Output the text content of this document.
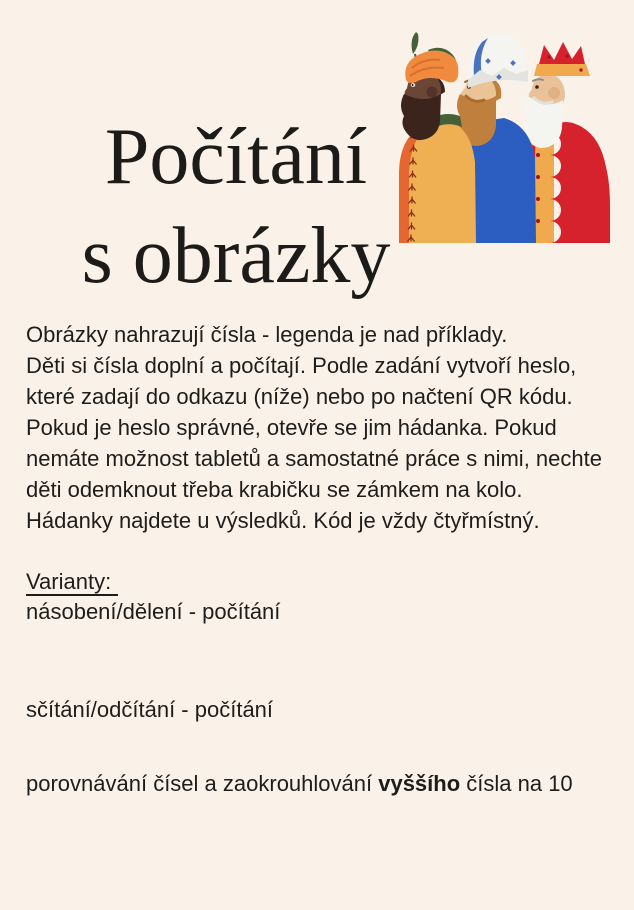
Počítání
s obrázky
Obrázky nahrazují čísla - legenda je nad příklady.
Děti si čísla doplní a počítají. Podle zadání vytvoří heslo,
které zadají do odkazu (níže) nebo po načtení QR kódu.
Pokud je heslo správné, otevře se jim hádanka. Pokud
nemáte možnost tabletů a samostatné práce s nimi, nechte
děti odemknout třeba krabičku se zámkem na kolo.
Hádanky najdete u výsledků. Kód je vždy čtyřmístný.
Varianty:
násobení/dělení - počítání
sčítání/odčítání - počítání
porovnávání čísel a zaokrouhlování vyššího čísla na 10
